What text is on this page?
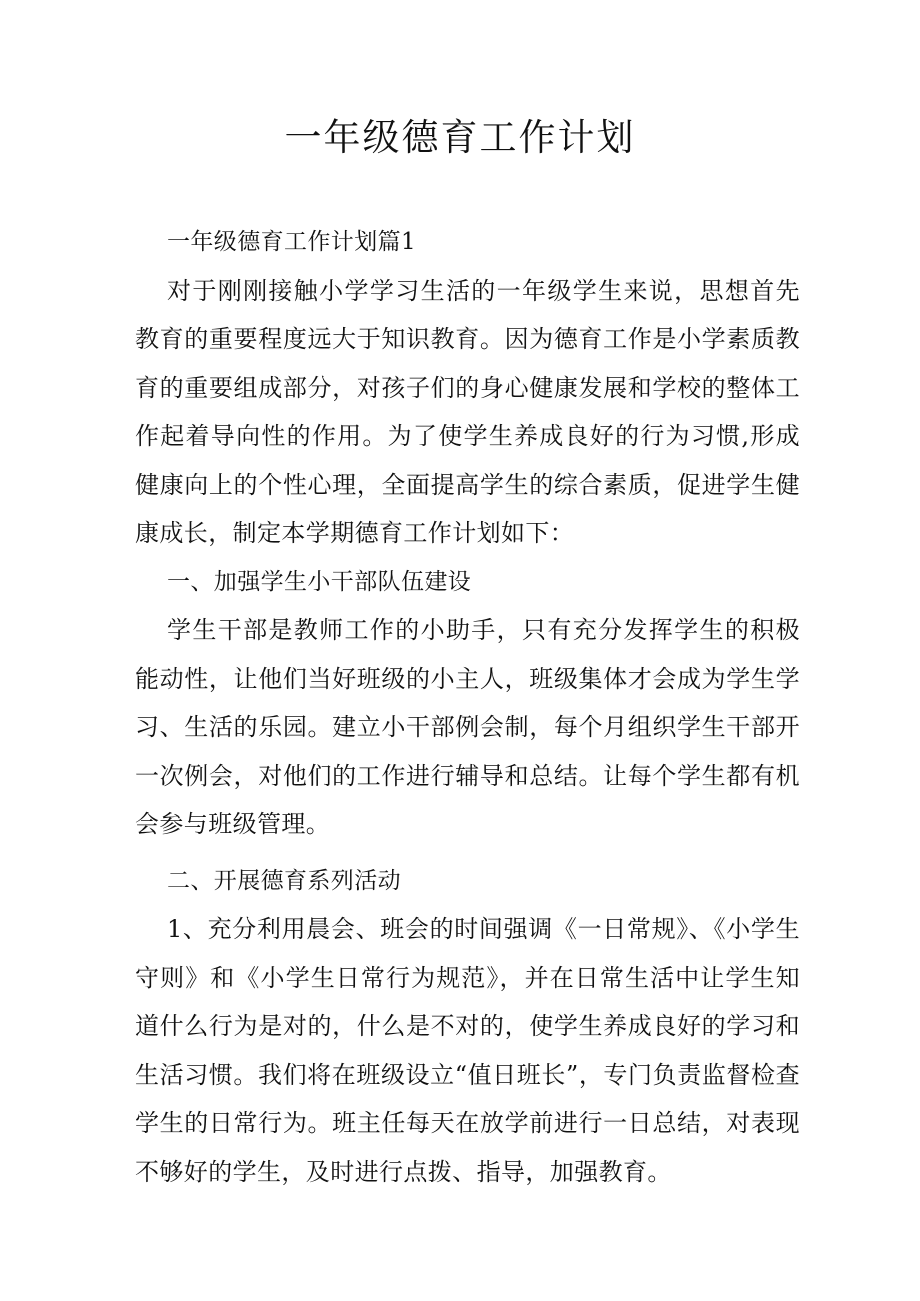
一年级德育工作计划

一年级德育工作计划篇1

对于刚刚接触小学学习生活的一年级学生来说，思想首先教育的重要程度远大于知识教育。因为德育工作是小学素质教育的重要组成部分，对孩子们的身心健康发展和学校的整体工作起着导向性的作用。为了使学生养成良好的行为习惯,形成健康向上的个性心理，全面提高学生的综合素质，促进学生健康成长，制定本学期德育工作计划如下：

一、加强学生小干部队伍建设

学生干部是教师工作的小助手，只有充分发挥学生的积极能动性，让他们当好班级的小主人，班级集体才会成为学生学习、生活的乐园。建立小干部例会制，每个月组织学生干部开一次例会，对他们的工作进行辅导和总结。让每个学生都有机会参与班级管理。

二、开展德育系列活动

1、充分利用晨会、班会的时间强调《一日常规》、《小学生守则》和《小学生日常行为规范》，并在日常生活中让学生知道什么行为是对的，什么是不对的，使学生养成良好的学习和生活习惯。我们将在班级设立“值日班长”，专门负责监督检查学生的日常行为。班主任每天在放学前进行一日总结，对表现不够好的学生，及时进行点拨、指导，加强教育。
